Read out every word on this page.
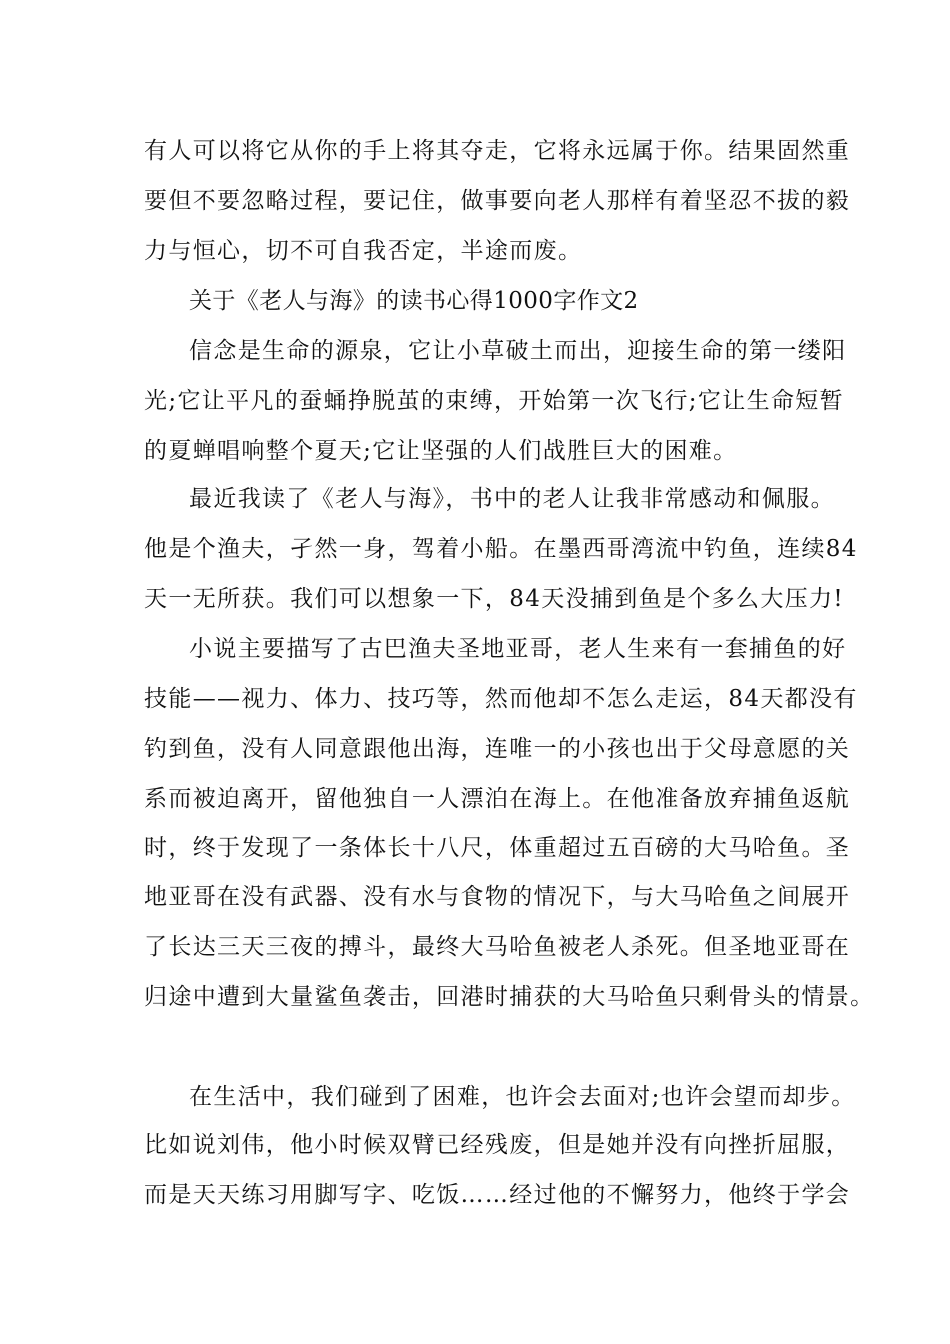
有人可以将它从你的手上将其夺走，它将永远属于你。结果固然重
要但不要忽略过程，要记住，做事要向老人那样有着坚忍不拔的毅
力与恒心，切不可自我否定，半途而废。
关于《老人与海》的读书心得1000字作文2
信念是生命的源泉，它让小草破土而出，迎接生命的第一缕阳
光;它让平凡的蚕蛹挣脱茧的束缚，开始第一次飞行;它让生命短暂
的夏蝉唱响整个夏天;它让坚强的人们战胜巨大的困难。
最近我读了《老人与海》，书中的老人让我非常感动和佩服。
他是个渔夫，孑然一身，驾着小船。在墨西哥湾流中钓鱼，连续84
天一无所获。我们可以想象一下，84天没捕到鱼是个多么大压力!
小说主要描写了古巴渔夫圣地亚哥，老人生来有一套捕鱼的好
技能——视力、体力、技巧等，然而他却不怎么走运，84天都没有
钓到鱼，没有人同意跟他出海，连唯一的小孩也出于父母意愿的关
系而被迫离开，留他独自一人漂泊在海上。在他准备放弃捕鱼返航
时，终于发现了一条体长十八尺，体重超过五百磅的大马哈鱼。圣
地亚哥在没有武器、没有水与食物的情况下，与大马哈鱼之间展开
了长达三天三夜的搏斗，最终大马哈鱼被老人杀死。但圣地亚哥在
归途中遭到大量鲨鱼袭击，回港时捕获的大马哈鱼只剩骨头的情景。
在生活中，我们碰到了困难，也许会去面对;也许会望而却步。
比如说刘伟，他小时候双臂已经残废，但是她并没有向挫折屈服，
而是天天练习用脚写字、吃饭……经过他的不懈努力，他终于学会
